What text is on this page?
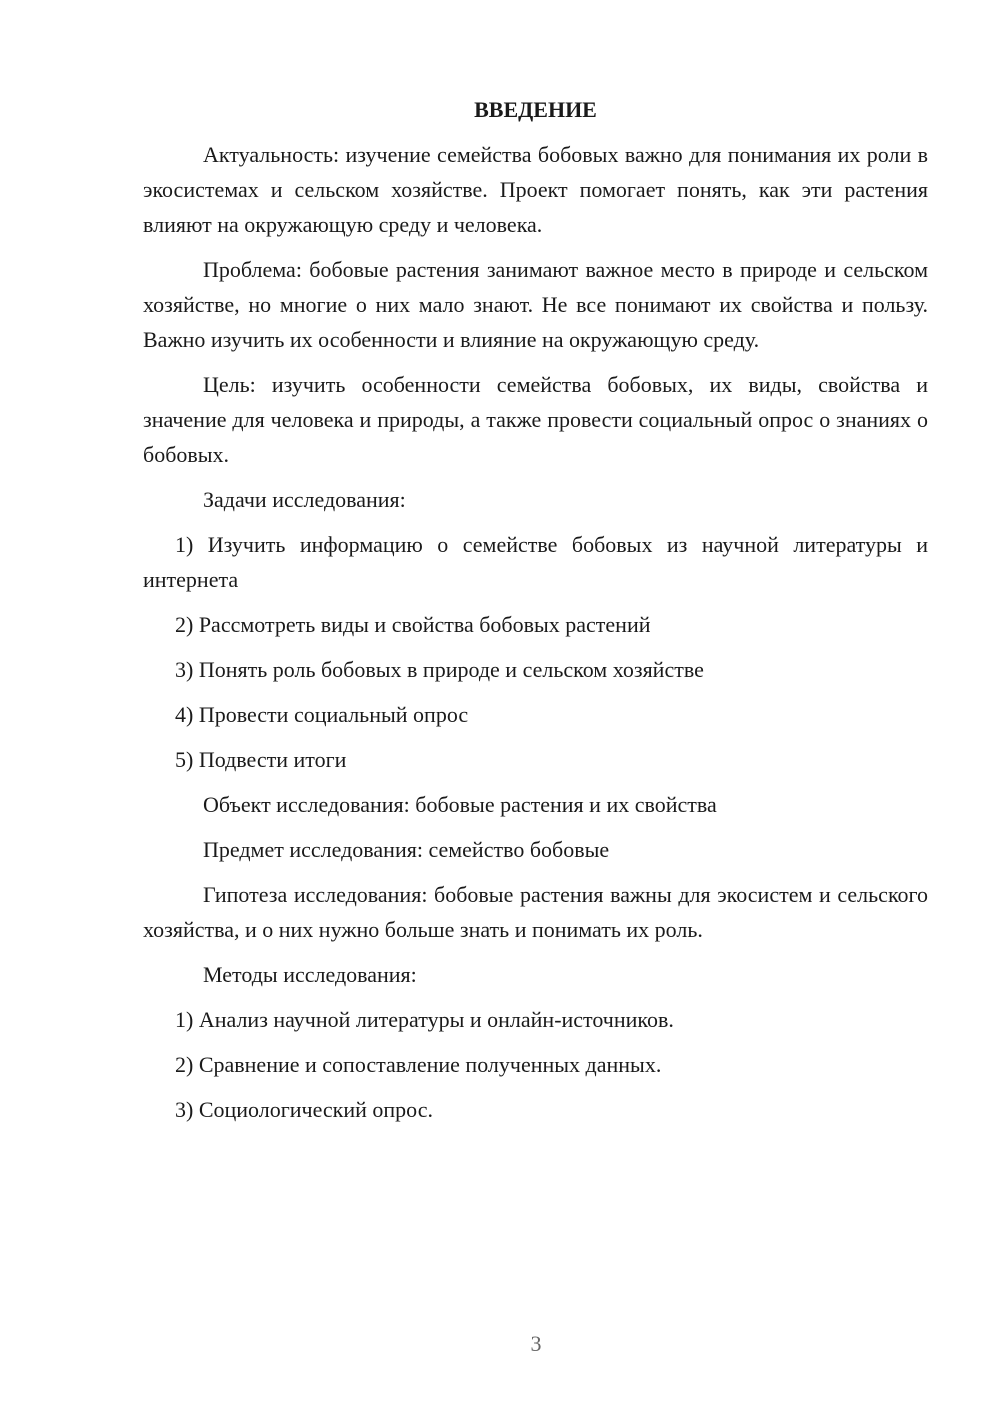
ВВЕДЕНИЕ

Актуальность: изучение семейства бобовых важно для понимания их роли в экосистемах и сельском хозяйстве. Проект помогает понять, как эти растения влияют на окружающую среду и человека.

Проблема: бобовые растения занимают важное место в природе и сельском хозяйстве, но многие о них мало знают. Не все понимают их свойства и пользу. Важно изучить их особенности и влияние на окружающую среду.

Цель: изучить особенности семейства бобовых, их виды, свойства и значение для человека и природы, а также провести социальный опрос о знаниях о бобовых.

Задачи исследования:

1) Изучить информацию о семействе бобовых из научной литературы и интернета

2) Рассмотреть виды и свойства бобовых растений

3) Понять роль бобовых в природе и сельском хозяйстве

4) Провести социальный опрос

5) Подвести итоги

Объект исследования: бобовые растения и их свойства

Предмет исследования: семейство бобовые

Гипотеза исследования: бобовые растения важны для экосистем и сельского хозяйства, и о них нужно больше знать и понимать их роль.

Методы исследования:

1) Анализ научной литературы и онлайн-источников.

2) Сравнение и сопоставление полученных данных.

3) Социологический опрос.

3
